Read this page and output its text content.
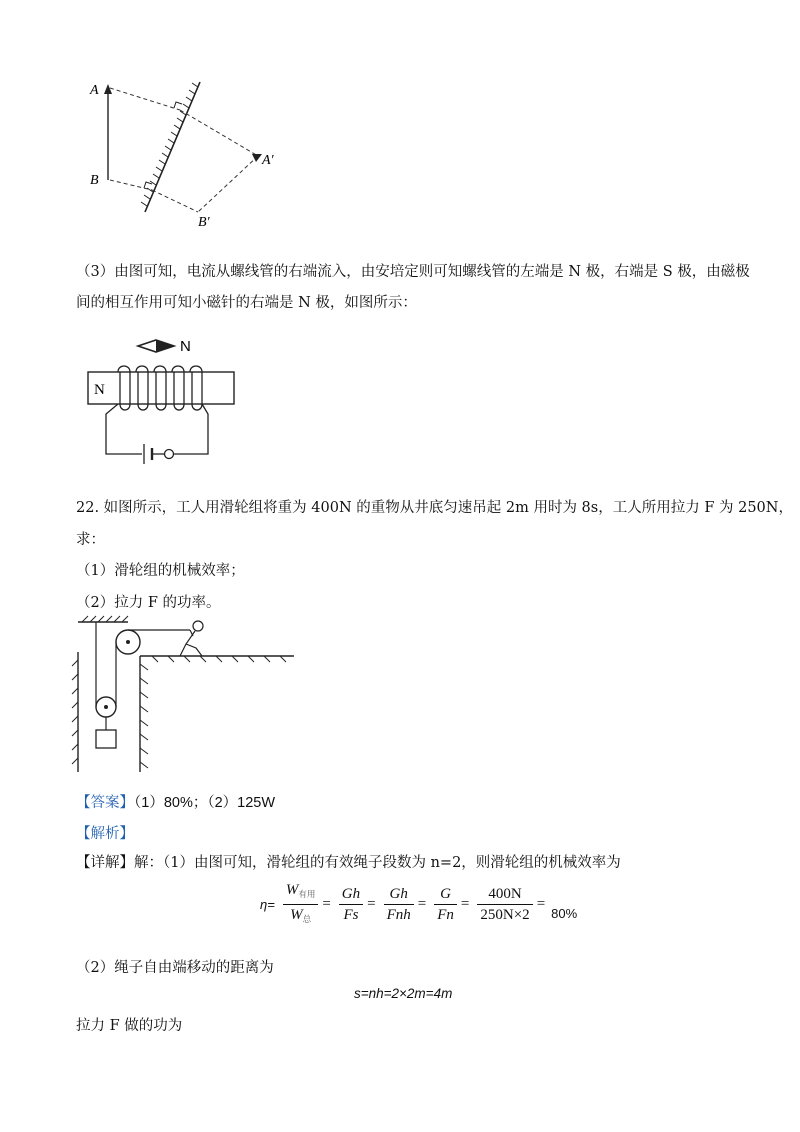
A
B
A′
B′
（3）由图可知，电流从螺线管的右端流入，由安培定则可知螺线管的左端是 N 极，右端是 S 极，由磁极
间的相互作用可知小磁针的右端是 N 极，如图所示：
N
N
22. 如图所示，工人用滑轮组将重为 400N 的重物从井底匀速吊起 2m 用时为 8s，工人所用拉力 F 为 250N，
求：
（1）滑轮组的机械效率；
（2）拉力 F 的功率。
【答案】（1）80%；（2）125W
【解析】
【详解】解：（1）由图可知，滑轮组的有效绳子段数为 n=2，则滑轮组的机械效率为
$\eta= \frac{W_{有用}}{W_总} = \frac{Gh}{Fs} = \frac{Gh}{\text{Fnh}} = \frac{G}{Fn} = \frac{400N}{250N\times 2} = _{80\%}$
（2）绳子自由端移动的距离为
s=nh=2×2m=4m
拉力 F 做的功为
